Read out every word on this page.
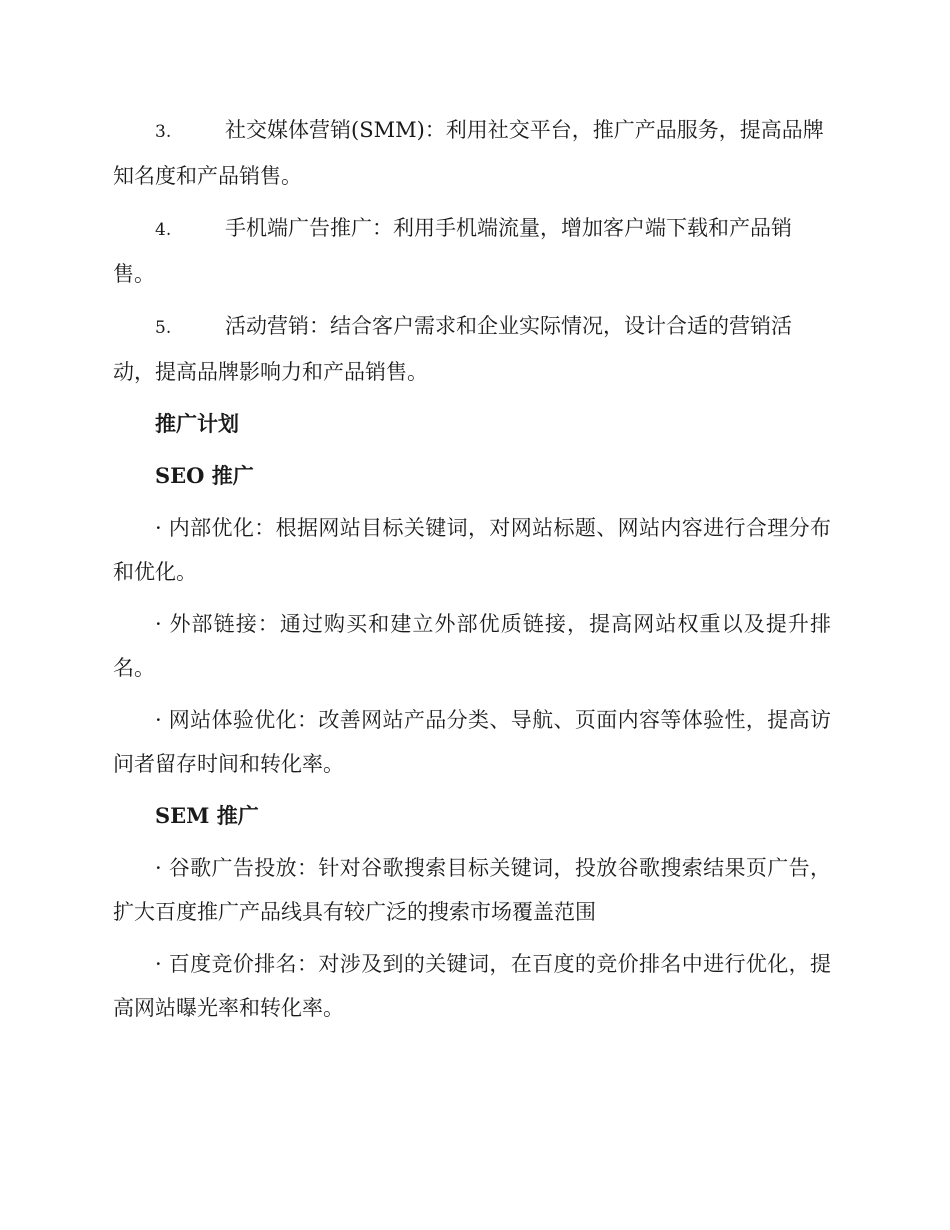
3.	社交媒体营销(SMM)：利用社交平台，推广产品服务，提高品牌知名度和产品销售。

4.	手机端广告推广：利用手机端流量，增加客户端下载和产品销售。

5.	活动营销：结合客户需求和企业实际情况，设计合适的营销活动，提高品牌影响力和产品销售。

推广计划

SEO 推广

· 内部优化：根据网站目标关键词，对网站标题、网站内容进行合理分布和优化。

· 外部链接：通过购买和建立外部优质链接，提高网站权重以及提升排名。

· 网站体验优化：改善网站产品分类、导航、页面内容等体验性，提高访问者留存时间和转化率。

SEM 推广

· 谷歌广告投放：针对谷歌搜索目标关键词，投放谷歌搜索结果页广告，扩大百度推广产品线具有较广泛的搜索市场覆盖范围

· 百度竞价排名：对涉及到的关键词，在百度的竞价排名中进行优化，提高网站曝光率和转化率。
